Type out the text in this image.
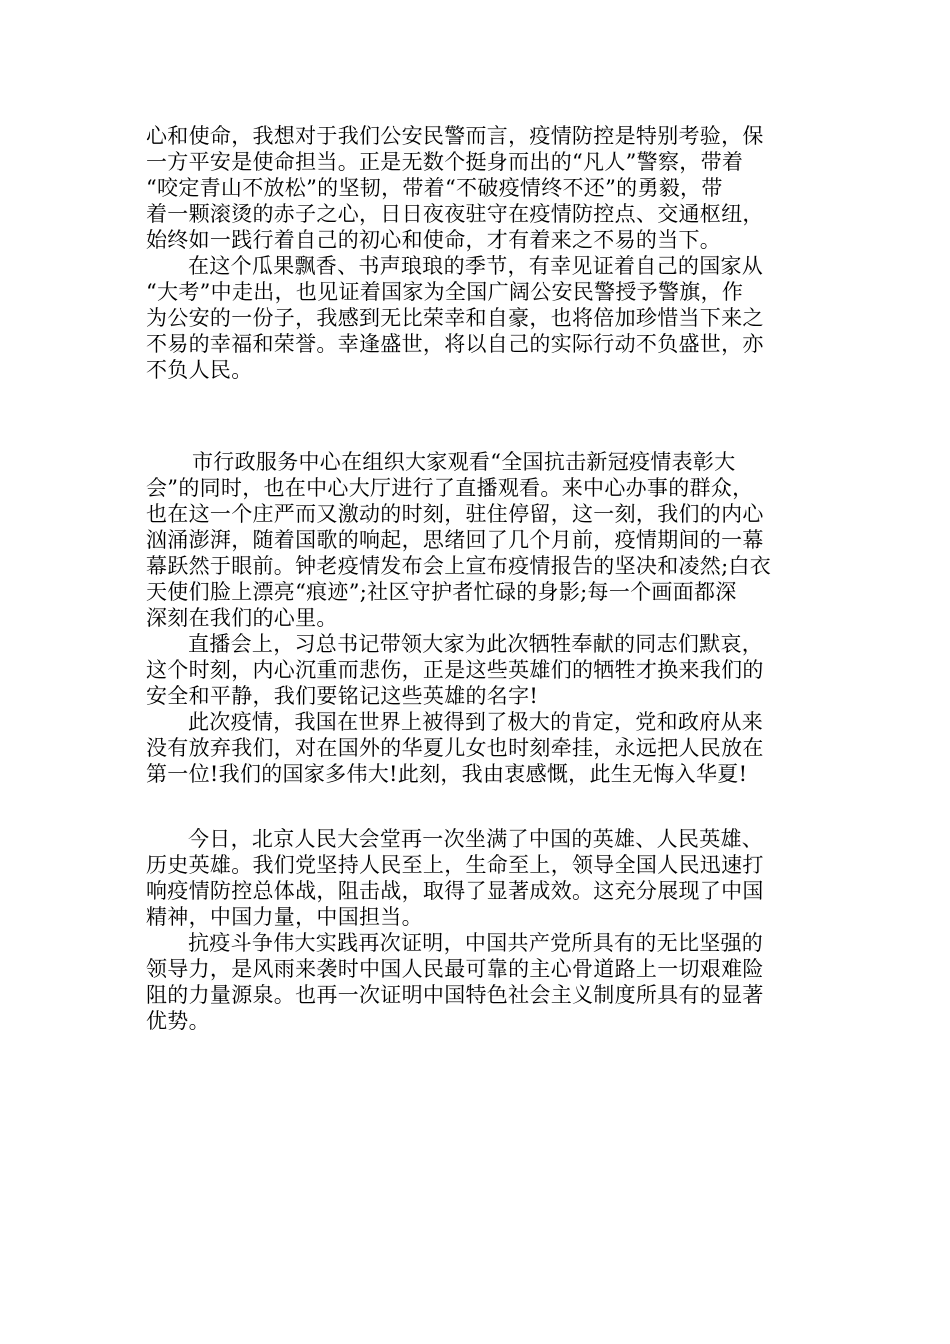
心和使命，我想对于我们公安民警而言，疫情防控是特别考验，保
一方平安是使命担当。正是无数个挺身而出的“凡人”警察，带着
“咬定青山不放松”的坚韧，带着“不破疫情终不还”的勇毅，带
着一颗滚烫的赤子之心，日日夜夜驻守在疫情防控点、交通枢纽，
始终如一践行着自己的初心和使命，才有着来之不易的当下。

在这个瓜果飘香、书声琅琅的季节，有幸见证着自己的国家从
“大考”中走出，也见证着国家为全国广阔公安民警授予警旗，作
为公安的一份子，我感到无比荣幸和自豪，也将倍加珍惜当下来之
不易的幸福和荣誉。幸逢盛世，将以自己的实际行动不负盛世，亦
不负人民。

市行政服务中心在组织大家观看“全国抗击新冠疫情表彰大
会”的同时，也在中心大厅进行了直播观看。来中心办事的群众，
也在这一个庄严而又激动的时刻，驻住停留，这一刻，我们的内心
汹涌澎湃，随着国歌的响起，思绪回了几个月前，疫情期间的一幕
幕跃然于眼前。钟老疫情发布会上宣布疫情报告的坚决和凌然;白衣
天使们脸上漂亮“痕迹”;社区守护者忙碌的身影;每一个画面都深
深刻在我们的心里。

直播会上，习总书记带领大家为此次牺牲奉献的同志们默哀，
这个时刻，内心沉重而悲伤，正是这些英雄们的牺牲才换来我们的
安全和平静，我们要铭记这些英雄的名字!

此次疫情，我国在世界上被得到了极大的肯定，党和政府从来
没有放弃我们，对在国外的华夏儿女也时刻牵挂，永远把人民放在
第一位!我们的国家多伟大!此刻，我由衷感慨，此生无悔入华夏!

今日，北京人民大会堂再一次坐满了中国的英雄、人民英雄、
历史英雄。我们党坚持人民至上，生命至上，领导全国人民迅速打
响疫情防控总体战，阻击战，取得了显著成效。这充分展现了中国
精神，中国力量，中国担当。

抗疫斗争伟大实践再次证明，中国共产党所具有的无比坚强的
领导力，是风雨来袭时中国人民最可靠的主心骨道路上一切艰难险
阻的力量源泉。也再一次证明中国特色社会主义制度所具有的显著
优势。
